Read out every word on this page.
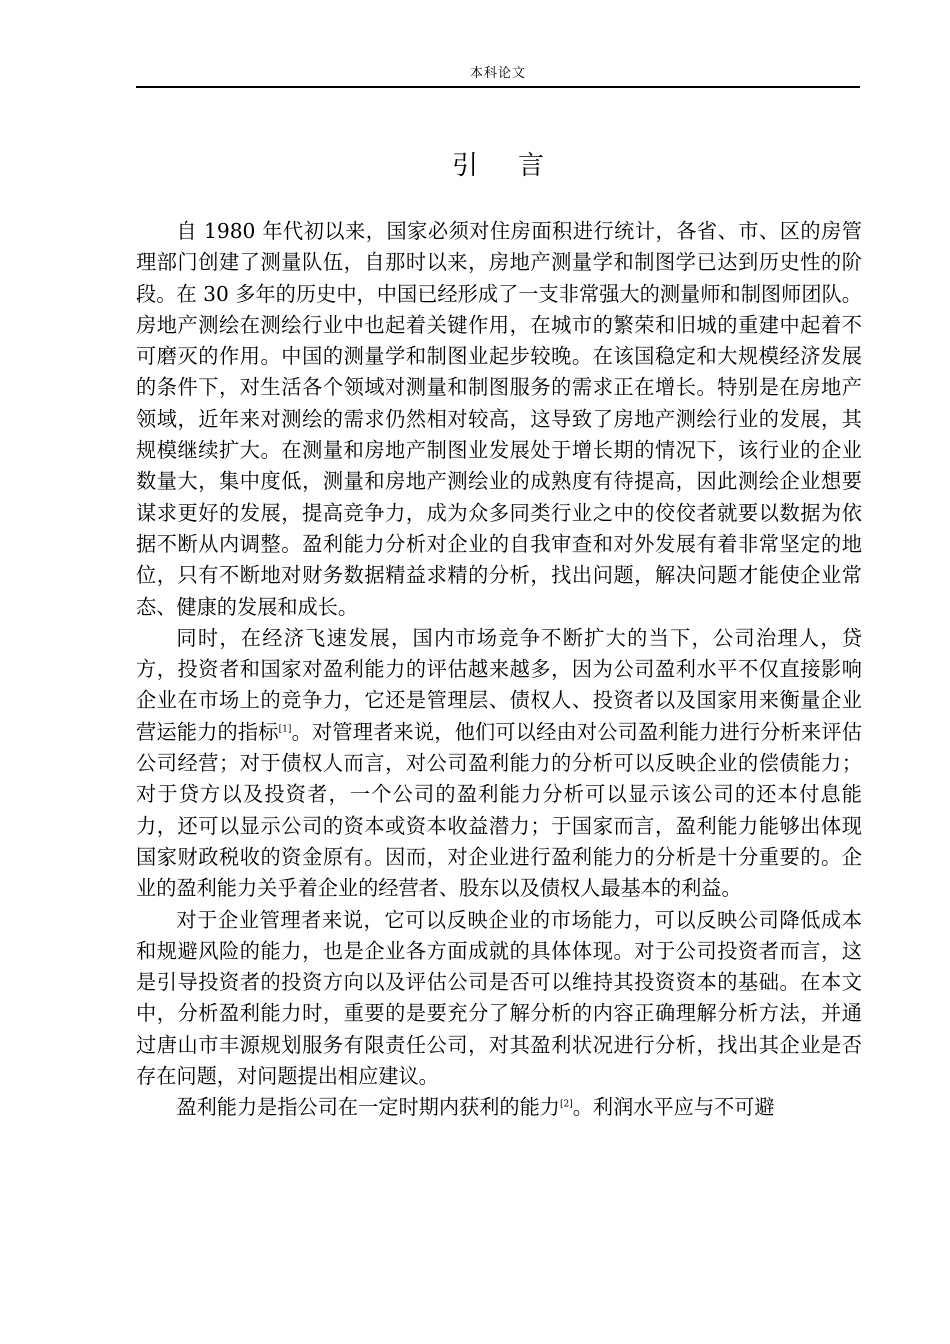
本科论文
引言

自 1980 年代初以来，国家必须对住房面积进行统计，各省、市、区的房管理部门创建了测量队伍，自那时以来，房地产测量学和制图学已达到历史性的阶段。在 30 多年的历史中，中国已经形成了一支非常强大的测量师和制图师团队。房地产测绘在测绘行业中也起着关键作用，在城市的繁荣和旧城的重建中起着不可磨灭的作用。中国的测量学和制图业起步较晚。在该国稳定和大规模经济发展的条件下，对生活各个领域对测量和制图服务的需求正在增长。特别是在房地产领域，近年来对测绘的需求仍然相对较高，这导致了房地产测绘行业的发展，其规模继续扩大。在测量和房地产制图业发展处于增长期的情况下，该行业的企业数量大，集中度低，测量和房地产测绘业的成熟度有待提高，因此测绘企业想要谋求更好的发展，提高竞争力，成为众多同类行业之中的佼佼者就要以数据为依据不断从内调整。盈利能力分析对企业的自我审查和对外发展有着非常坚定的地位，只有不断地对财务数据精益求精的分析，找出问题，解决问题才能使企业常态、健康的发展和成长。

同时，在经济飞速发展，国内市场竞争不断扩大的当下，公司治理人，贷方，投资者和国家对盈利能力的评估越来越多，因为公司盈利水平不仅直接影响企业在市场上的竞争力，它还是管理层、债权人、投资者以及国家用来衡量企业营运能力的指标[1]。对管理者来说，他们可以经由对公司盈利能力进行分析来评估公司经营；对于债权人而言，对公司盈利能力的分析可以反映企业的偿债能力；对于贷方以及投资者，一个公司的盈利能力分析可以显示该公司的还本付息能力，还可以显示公司的资本或资本收益潜力；于国家而言，盈利能力能够出体现国家财政税收的资金原有。因而，对企业进行盈利能力的分析是十分重要的。企业的盈利能力关乎着企业的经营者、股东以及债权人最基本的利益。

对于企业管理者来说，它可以反映企业的市场能力，可以反映公司降低成本和规避风险的能力，也是企业各方面成就的具体体现。对于公司投资者而言，这是引导投资者的投资方向以及评估公司是否可以维持其投资资本的基础。在本文中，分析盈利能力时，重要的是要充分了解分析的内容正确理解分析方法，并通过唐山市丰源规划服务有限责任公司，对其盈利状况进行分析，找出其企业是否存在问题，对问题提出相应建议。

盈利能力是指公司在一定时期内获利的能力[2]。利润水平应与不可避
